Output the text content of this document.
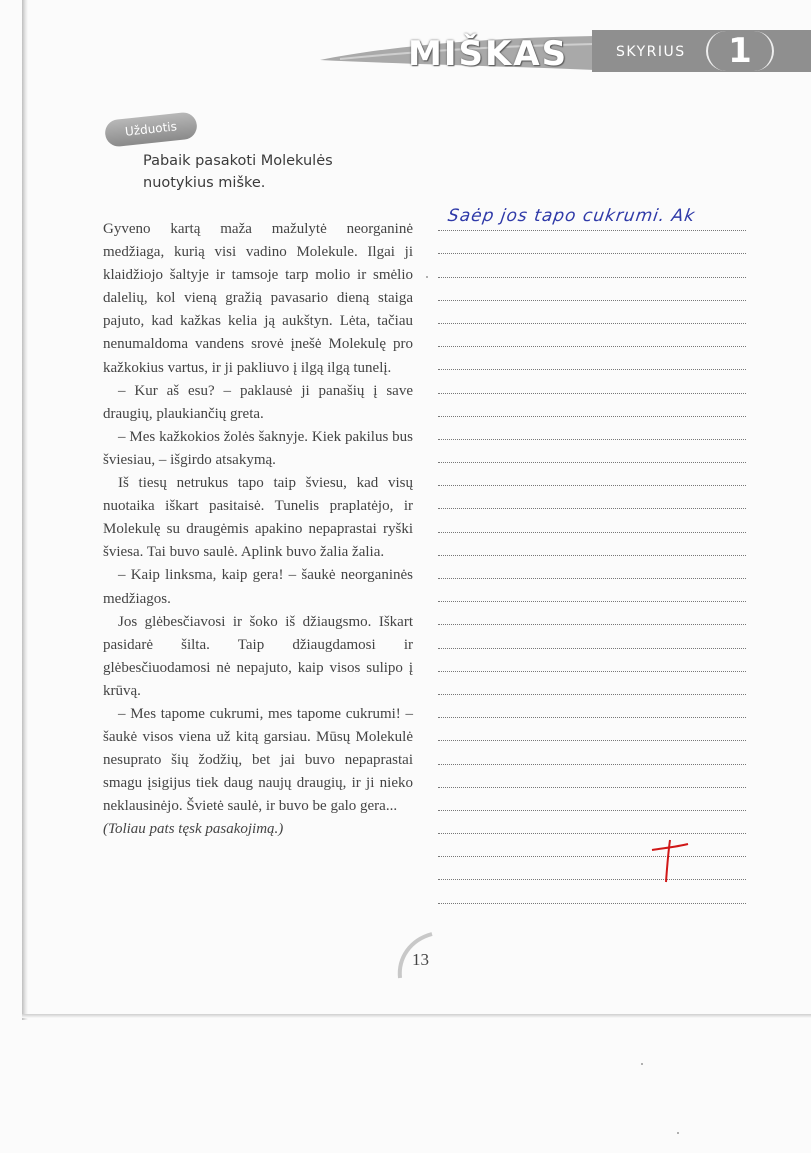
MIŠKAS	SKYRIUS	1
Užduotis
Pabaik pasakoti Molekulės
nuotykius miške.

Gyveno kartą maža mažulytė neorganinė medžiaga, kurią visi vadino Molekule. Ilgai ji klaidžiojo šaltyje ir tamsoje tarp molio ir smėlio dalelių, kol vieną gražią pavasario dieną staiga pajuto, kad kažkas kelia ją aukštyn. Lėta, tačiau nenumaldoma vandens srovė įnešė Molekulę pro kažkokius vartus, ir ji pakliuvo į ilgą ilgą tunelį.

– Kur aš esu? – paklausė ji panašių į save draugių, plaukiančių greta.

– Mes kažkokios žolės šaknyje. Kiek pakilus bus šviesiau, – išgirdo atsakymą.

Iš tiesų netrukus tapo taip šviesu, kad visų nuotaika iškart pasitaisė. Tunelis praplatėjo, ir Molekulę su draugėmis apakino nepaprastai ryški šviesa. Tai buvo saulė. Aplink buvo žalia žalia.

– Kaip linksma, kaip gera! – šaukė neorganinės medžiagos.

Jos glėbesčiavosi ir šoko iš džiaugsmo. Iškart pasidarė šilta. Taip džiaugdamosi ir glėbesčiuodamosi nė nepajuto, kaip visos sulipo į krūvą.

– Mes tapome cukrumi, mes tapome cukrumi! – šaukė visos viena už kitą garsiau. Mūsų Molekulė nesuprato šių žodžių, bet jai buvo nepaprastai smagu įsigijus tiek daug naujų draugių, ir ji nieko neklausinėjo. Švietė saulė, ir buvo be galo gera...

(Toliau pats tęsk pasakojimą.)

Saėp jos tapo cukrumi. Ak
13
